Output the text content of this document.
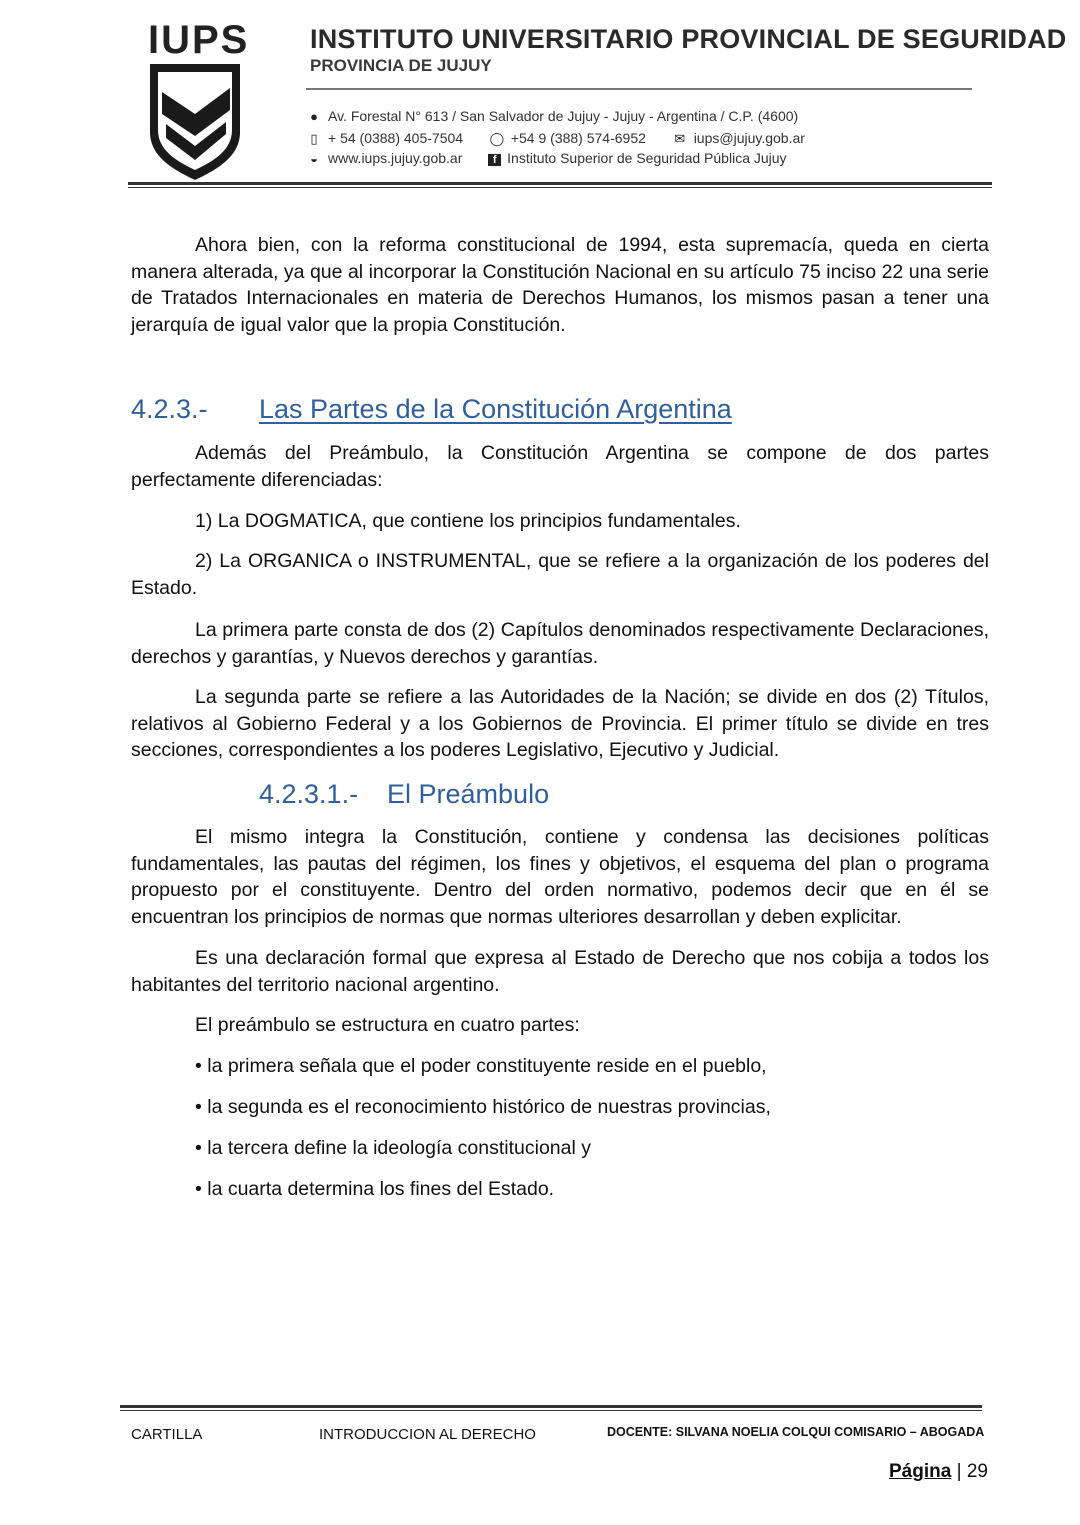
IUPS INSTITUTO UNIVERSITARIO PROVINCIAL DE SEGURIDAD
PROVINCIA DE JUJUY
● Av. Forestal N° 613 / San Salvador de Jujuy - Jujuy - Argentina / C.P. (4600)
▯ + 54 (0388) 405-7504 ◯ +54 9 (388) 574-6952 ✉ iups@jujuy.gob.ar
◒ www.iups.jujuy.gob.ar	f Instituto Superior de Seguridad Pública Jujuy
Ahora bien, con la reforma constitucional de 1994, esta supremacía, queda en cierta manera alterada, ya que al incorporar la Constitución Nacional en su artículo 75 inciso 22 una serie de Tratados Internacionales en materia de Derechos Humanos, los mismos pasan a tener una jerarquía de igual valor que la propia Constitución.
4.2.3.- Las Partes de la Constitución Argentina
Además del Preámbulo, la Constitución Argentina se compone de dos partes perfectamente diferenciadas:
1) La DOGMATICA, que contiene los principios fundamentales.
2) La ORGANICA o INSTRUMENTAL, que se refiere a la organización de los poderes del Estado.
La primera parte consta de dos (2) Capítulos denominados respectivamente Declaraciones, derechos y garantías, y Nuevos derechos y garantías.
La segunda parte se refiere a las Autoridades de la Nación; se divide en dos (2) Títulos, relativos al Gobierno Federal y a los Gobiernos de Provincia. El primer título se divide en tres secciones, correspondientes a los poderes Legislativo, Ejecutivo y Judicial.
4.2.3.1.- El Preámbulo
El mismo integra la Constitución, contiene y condensa las decisiones políticas fundamentales, las pautas del régimen, los fines y objetivos, el esquema del plan o programa propuesto por el constituyente. Dentro del orden normativo, podemos decir que en él se encuentran los principios de normas que normas ulteriores desarrollan y deben explicitar.
Es una declaración formal que expresa al Estado de Derecho que nos cobija a todos los habitantes del territorio nacional argentino.
El preámbulo se estructura en cuatro partes:
• la primera señala que el poder constituyente reside en el pueblo,
• la segunda es el reconocimiento histórico de nuestras provincias,
• la tercera define la ideología constitucional y
• la cuarta determina los fines del Estado.
CARTILLA	INTRODUCCION AL DERECHO	DOCENTE: SILVANA NOELIA COLQUI COMISARIO – ABOGADA
Página | 29
